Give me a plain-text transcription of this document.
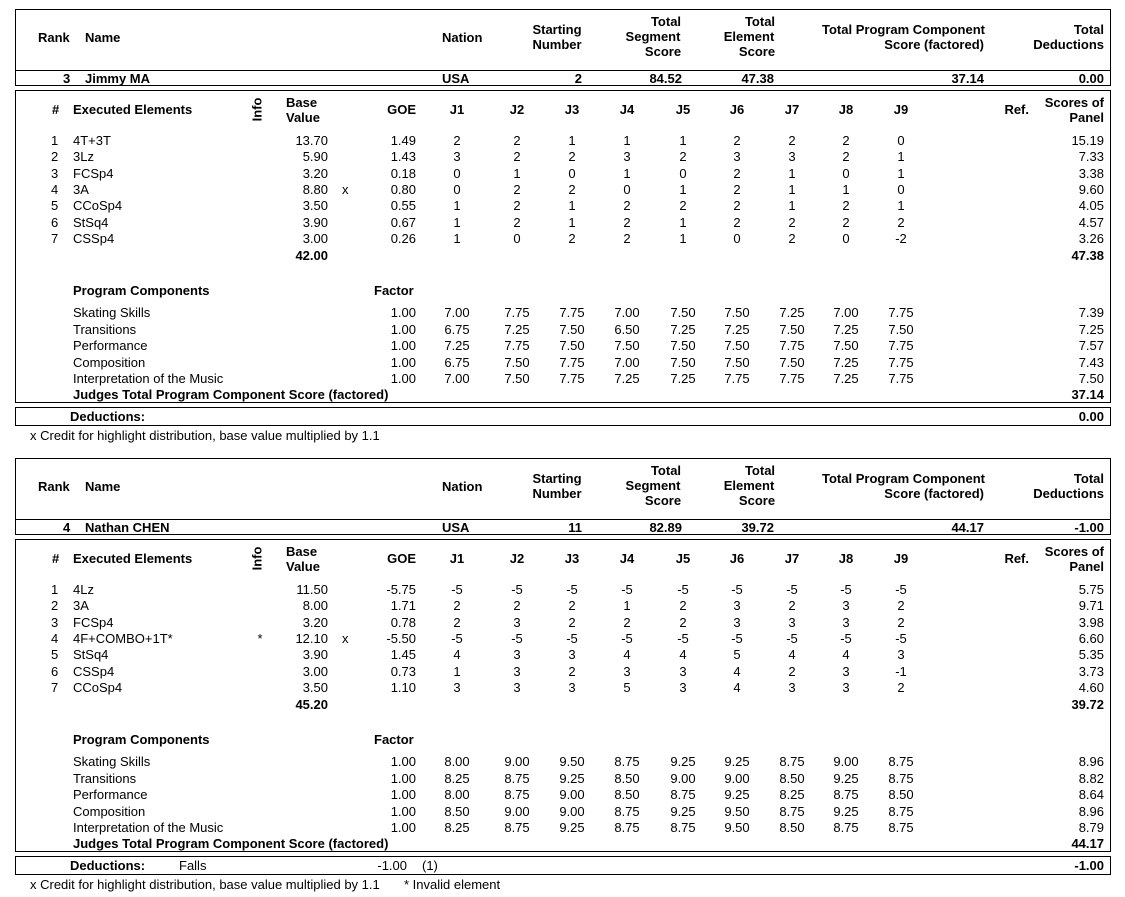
Rank Name	Nation
Starting
Number
Total
Segment
Score
Total
Element
Score
Total Program Component
Score (factored)
Total
Deductions
3 Jimmy MA	USA	2	84.52	47.38	37.14	0.00
# Executed Elements	Info Base
Value
GOE	J1	J2	J3	J4	J5	J6	J7	J8	J9	Ref. Scores of
Panel
1 4T+3T	13.70	1.49	2	2	1	1	1	2	2	2	0	15.19
2 3Lz	5.90	1.43	3	2	2	3	2	3	3	2	1	7.33
3 FCSp4	3.20	0.18	0	1	0	1	0	2	1	0	1	3.38
4 3A	8.80 x	0.80	0	2	2	0	1	2	1	1	0	9.60
5 CCoSp4	3.50	0.55	1	2	1	2	2	2	1	2	1	4.05
6 StSq4	3.90	0.67	1	2	1	2	1	2	2	2	2	4.57
7 CSSp4	3.00	0.26	1	0	2	2	1	0	2	0	-2	3.26
42.00	47.38
Program Components	Factor
Skating Skills	1.00 7.00	7.75 7.75 7.00 7.50 7.50 7.25 7.00 7.75	7.39
Transitions	1.00 6.75	7.25 7.50 6.50 7.25 7.25 7.50 7.25 7.50	7.25
Performance	1.00 7.25	7.75 7.50 7.50 7.50 7.50 7.75 7.50 7.75	7.57
Composition	1.00 6.75	7.50 7.75 7.00 7.50 7.50 7.50 7.25 7.75	7.43
Interpretation of the Music	1.00 7.00	7.50 7.75 7.25 7.25 7.75 7.75 7.25 7.75	7.50
Judges Total Program Component Score (factored)	37.14
Deductions:	0.00
x Credit for highlight distribution, base value multiplied by 1.1
Rank Name	Nation
Starting
Number
Total
Segment
Score
Total
Element
Score
Total Program Component
Score (factored)
Total
Deductions
4 Nathan CHEN	USA	11	82.89	39.72	44.17	-1.00
# Executed Elements	Info Base
Value
GOE	J1	J2	J3	J4	J5	J6	J7	J8	J9	Ref. Scores of
Panel
1 4Lz	11.50	-5.75	-5	-5	-5	-5	-5	-5	-5	-5	-5	5.75
2 3A	8.00	1.71	2	2	2	1	2	3	2	3	2	9.71
3 FCSp4	3.20	0.78	2	3	2	2	2	3	3	3	2	3.98
4 4F+COMBO+1T*	*	12.10 x	-5.50	-5	-5	-5	-5	-5	-5	-5	-5	-5	6.60
5 StSq4	3.90	1.45	4	3	3	4	4	5	4	4	3	5.35
6 CSSp4	3.00	0.73	1	3	2	3	3	4	2	3	-1	3.73
7 CCoSp4	3.50	1.10	3	3	3	5	3	4	3	3	2	4.60
45.20	39.72
Program Components	Factor
Skating Skills	1.00 8.00	9.00 9.50 8.75 9.25 9.25 8.75 9.00 8.75	8.96
Transitions	1.00 8.25	8.75 9.25 8.50 9.00 9.00 8.50 9.25 8.75	8.82
Performance	1.00 8.00	8.75 9.00 8.50 8.75 9.25 8.25 8.75 8.50	8.64
Composition	1.00 8.50	9.00 9.00 8.75 9.25 9.50 8.75 9.25 8.75	8.96
Interpretation of the Music	1.00 8.25	8.75 9.25 8.75 8.75 9.50 8.50 8.75 8.75	8.79
Judges Total Program Component Score (factored)	44.17
Deductions:	Falls	-1.00 (1)	-1.00
x Credit for highlight distribution, base value multiplied by 1.1 * Invalid element
